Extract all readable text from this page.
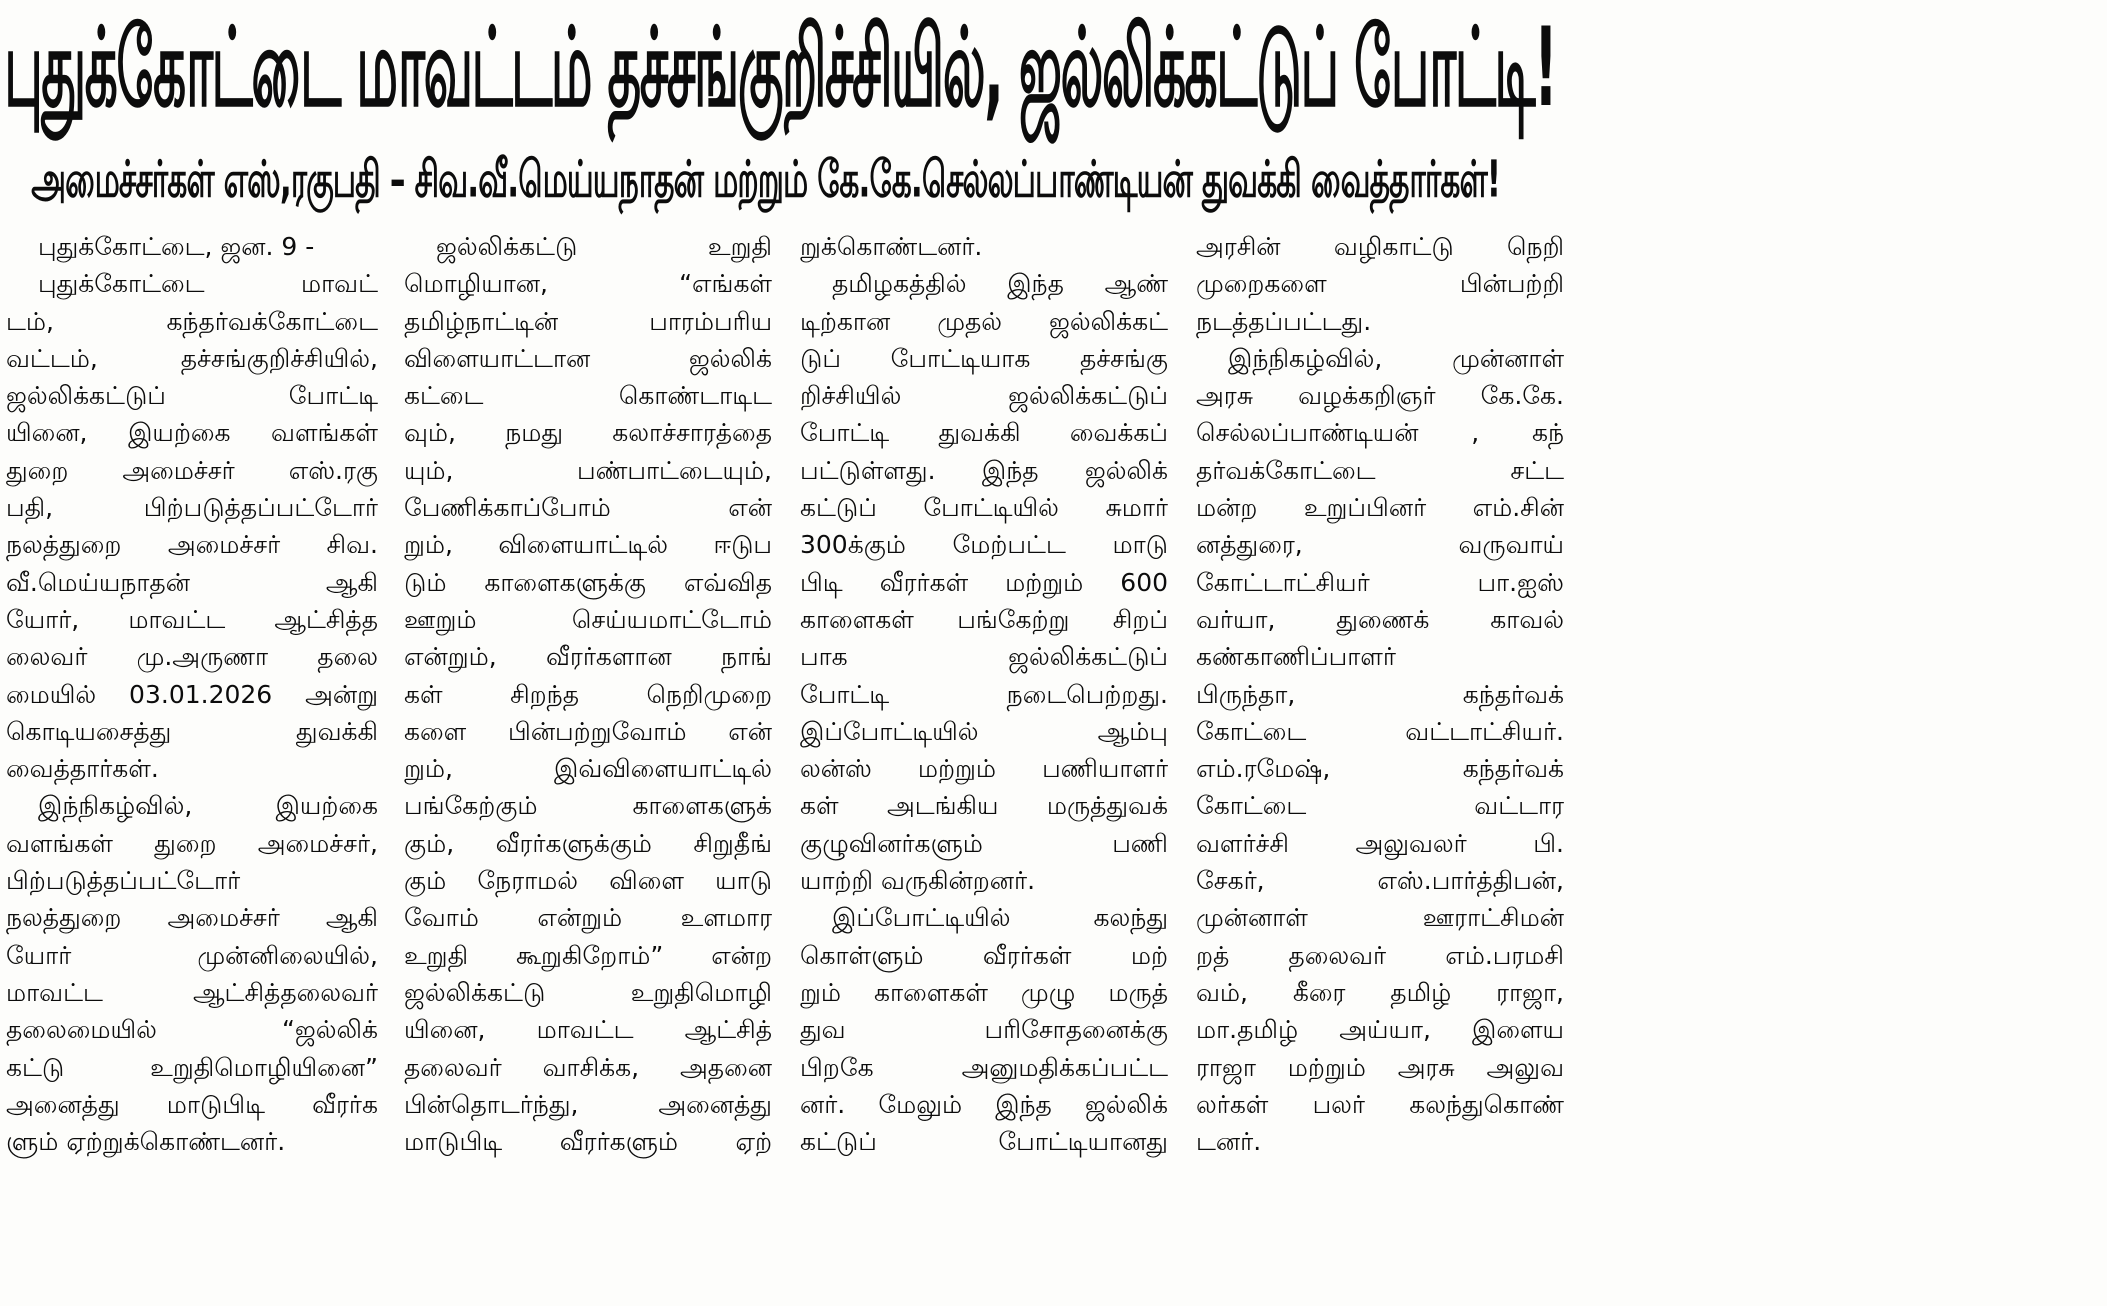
புதுக்கோட்டை மாவட்டம் தச்சங்குறிச்சியில், ஜல்லிக்கட்டுப் போட்டி!
அமைச்சர்கள் எஸ்,ரகுபதி – சிவ.வீ.மெய்யநாதன் மற்றும் கே.கே.செல்லப்பாண்டியன் துவக்கி வைத்தார்கள்!
புதுக்கோட்டை, ஜன. 9 -
புதுக்கோட்டை மாவட்
டம், கந்தர்வக்கோட்டை
வட்டம், தச்சங்குறிச்சியில்,
ஜல்லிக்கட்டுப் போட்டி
யினை, இயற்கை வளங்கள்
துறை அமைச்சர் எஸ்.ரகு
பதி, பிற்படுத்தப்பட்டோர்
நலத்துறை அமைச்சர் சிவ.
வீ.மெய்யநாதன் ஆகி
யோர், மாவட்ட ஆட்சித்த
லைவர் மு.அருணா தலை
மையில் 03.01.2026 அன்று
கொடியசைத்து துவக்கி
வைத்தார்கள்.
இந்நிகழ்வில், இயற்கை
வளங்கள் துறை அமைச்சர்,
பிற்படுத்தப்பட்டோர்
நலத்துறை அமைச்சர் ஆகி
யோர் முன்னிலையில்,
மாவட்ட ஆட்சித்தலைவர்
தலைமையில் “ஜல்லிக்
கட்டு உறுதிமொழியினை”
அனைத்து மாடுபிடி வீரர்க
ளும் ஏற்றுக்கொண்டனர்.
ஜல்லிக்கட்டு உறுதி
மொழியான, “எங்கள்
தமிழ்நாட்டின் பாரம்பரிய
விளையாட்டான ஜல்லிக்
கட்டை கொண்டாடிட
வும், நமது கலாச்சாரத்தை
யும், பண்பாட்டையும்,
பேணிக்காப்போம் என்
றும், விளையாட்டில் ஈடுப
டும் காளைகளுக்கு எவ்வித
ஊறும் செய்யமாட்டோம்
என்றும், வீரர்களான நாங்
கள் சிறந்த நெறிமுறை
களை பின்பற்றுவோம் என்
றும், இவ்விளையாட்டில்
பங்கேற்கும் காளைகளுக்
கும், வீரர்களுக்கும் சிறுதீங்
கும் நேராமல் விளை யாடு
வோம் என்றும் உளமார
உறுதி கூறுகிறோம்” என்ற
ஜல்லிக்கட்டு உறுதிமொழி
யினை, மாவட்ட ஆட்சித்
தலைவர் வாசிக்க, அதனை
பின்தொடர்ந்து, அனைத்து
மாடுபிடி வீரர்களும் ஏற்
றுக்கொண்டனர்.
தமிழகத்தில் இந்த ஆண்
டிற்கான முதல் ஜல்லிக்கட்
டுப் போட்டியாக தச்சங்கு
றிச்சியில் ஜல்லிக்கட்டுப்
போட்டி துவக்கி வைக்கப்
பட்டுள்ளது. இந்த ஜல்லிக்
கட்டுப் போட்டியில் சுமார்
300க்கும் மேற்பட்ட மாடு
பிடி வீரர்கள் மற்றும் 600
காளைகள் பங்கேற்று சிறப்
பாக ஜல்லிக்கட்டுப்
போட்டி நடைபெற்றது.
இப்போட்டியில் ஆம்பு
லன்ஸ் மற்றும் பணியாளர்
கள் அடங்கிய மருத்துவக்
குழுவினர்களும் பணி
யாற்றி வருகின்றனர்.
இப்போட்டியில் கலந்து
கொள்ளும் வீரர்கள் மற்
றும் காளைகள் முழு மருத்
துவ பரிசோதனைக்கு
பிறகே அனுமதிக்கப்பட்ட
னர். மேலும் இந்த ஜல்லிக்
கட்டுப் போட்டியானது
அரசின் வழிகாட்டு நெறி
முறைகளை பின்பற்றி
நடத்தப்பட்டது.
இந்நிகழ்வில், முன்னாள்
அரசு வழக்கறிஞர் கே.கே.
செல்லப்பாண்டியன் , கந்
தர்வக்கோட்டை சட்ட
மன்ற உறுப்பினர் எம்.சின்
னத்துரை, வருவாய்
கோட்டாட்சியர் பா.ஐஸ்
வர்யா, துணைக் காவல்
கண்காணிப்பாளர்
பிருந்தா, கந்தர்வக்
கோட்டை வட்டாட்சியர்.
எம்.ரமேஷ், கந்தர்வக்
கோட்டை வட்டார
வளர்ச்சி அலுவலர் பி.
சேகர், எஸ்.பார்த்திபன்,
முன்னாள் ஊராட்சிமன்
றத் தலைவர் எம்.பரமசி
வம், கீரை தமிழ் ராஜா,
மா.தமிழ் அய்யா, இளைய
ராஜா மற்றும் அரசு அலுவ
லர்கள் பலர் கலந்துகொண்
டனர்.
